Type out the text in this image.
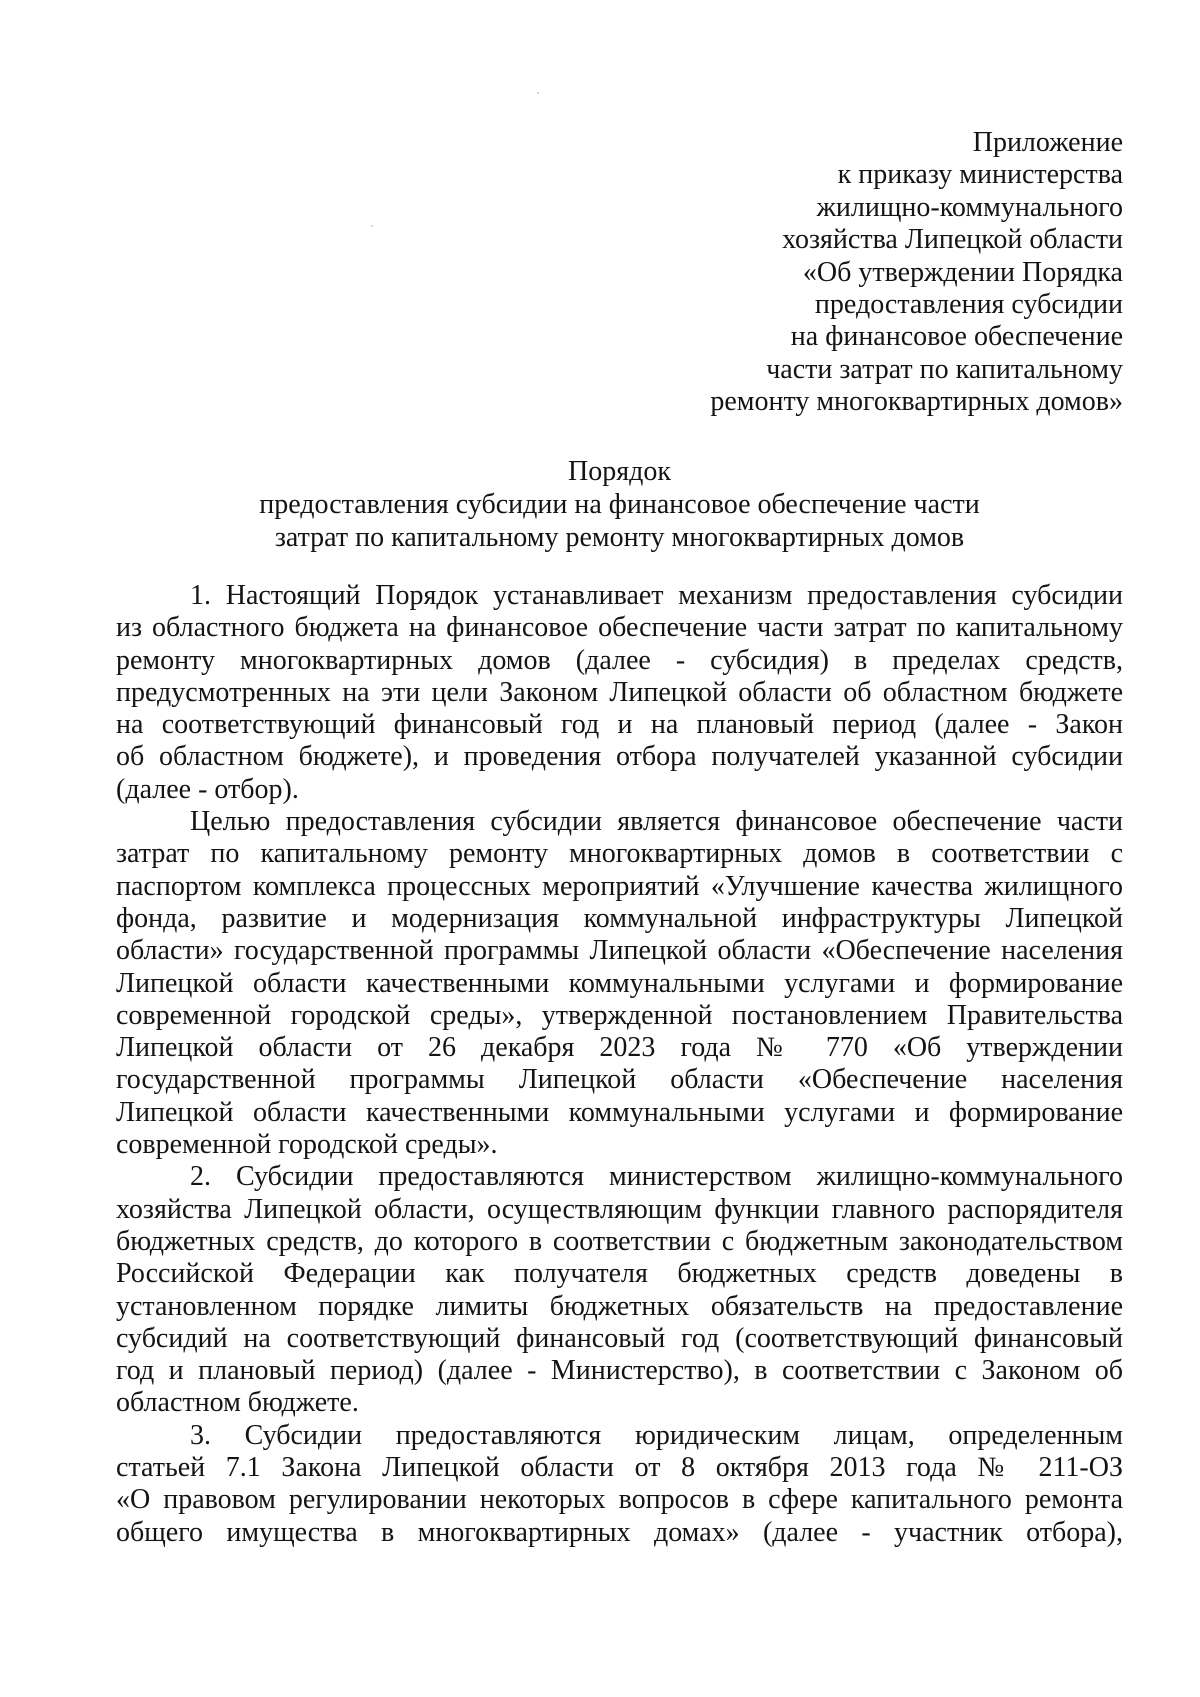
Приложение
к приказу министерства
жилищно-коммунального
хозяйства Липецкой области
«Об утверждении Порядка
предоставления субсидии
на финансовое обеспечение
части затрат по капитальному
ремонту многоквартирных домов»
Порядок
предоставления субсидии на финансовое обеспечение части
затрат по капитальному ремонту многоквартирных домов
1. Настоящий Порядок устанавливает механизм предоставления субсидии
из областного бюджета на финансовое обеспечение части затрат по капитальному
ремонту многоквартирных домов (далее - субсидия) в пределах средств,
предусмотренных на эти цели Законом Липецкой области об областном бюджете
на соответствующий финансовый год и на плановый период (далее - Закон
об областном бюджете), и проведения отбора получателей указанной субсидии
(далее - отбор).
Целью предоставления субсидии является финансовое обеспечение части
затрат по капитальному ремонту многоквартирных домов в соответствии с
паспортом комплекса процессных мероприятий «Улучшение качества жилищного
фонда, развитие и модернизация коммунальной инфраструктуры Липецкой
области» государственной программы Липецкой области «Обеспечение населения
Липецкой области качественными коммунальными услугами и формирование
современной городской среды», утвержденной постановлением Правительства
Липецкой области от 26 декабря 2023 года № 770 «Об утверждении
государственной программы Липецкой области «Обеспечение населения
Липецкой области качественными коммунальными услугами и формирование
современной городской среды».
2. Субсидии предоставляются министерством жилищно-коммунального
хозяйства Липецкой области, осуществляющим функции главного распорядителя
бюджетных средств, до которого в соответствии с бюджетным законодательством
Российской Федерации как получателя бюджетных средств доведены в
установленном порядке лимиты бюджетных обязательств на предоставление
субсидий на соответствующий финансовый год (соответствующий финансовый
год и плановый период) (далее - Министерство), в соответствии с Законом об
областном бюджете.
3. Субсидии предоставляются юридическим лицам, определенным
статьей 7.1 Закона Липецкой области от 8 октября 2013 года № 211-ОЗ
«О правовом регулировании некоторых вопросов в сфере капитального ремонта
общего имущества в многоквартирных домах» (далее - участник отбора),
